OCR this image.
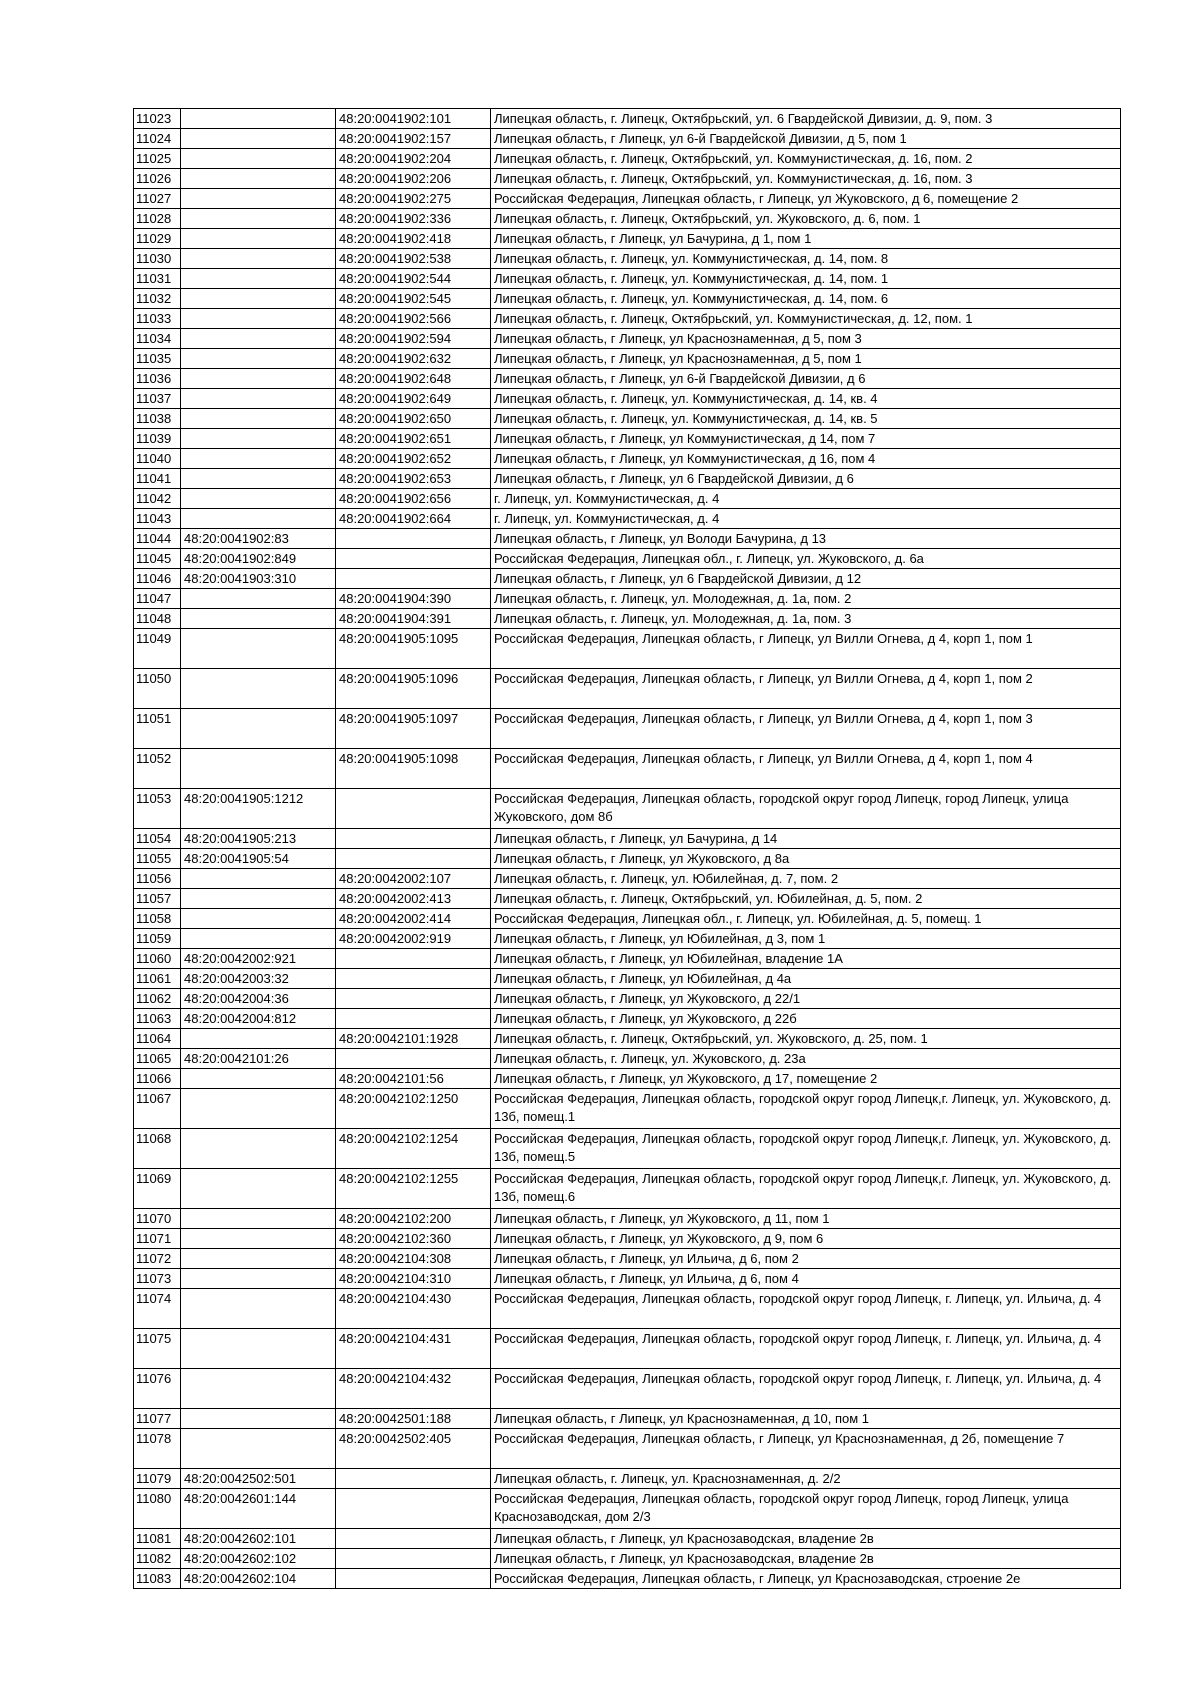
11023		48:20:0041902:101	Липецкая область, г. Липецк, Октябрьский, ул. 6 Гвардейской Дивизии, д. 9, пом. 3
11024		48:20:0041902:157	Липецкая область, г Липецк, ул 6-й Гвардейской Дивизии, д 5, пом 1
11025		48:20:0041902:204	Липецкая область, г. Липецк, Октябрьский, ул. Коммунистическая, д. 16, пом. 2
11026		48:20:0041902:206	Липецкая область, г. Липецк, Октябрьский, ул. Коммунистическая, д. 16, пом. 3
11027		48:20:0041902:275	Российская Федерация, Липецкая область, г Липецк, ул Жуковского, д 6, помещение 2
11028		48:20:0041902:336	Липецкая область, г. Липецк, Октябрьский, ул. Жуковского, д. 6, пом. 1
11029		48:20:0041902:418	Липецкая область, г Липецк, ул Бачурина, д 1, пом 1
11030		48:20:0041902:538	Липецкая область, г. Липецк, ул. Коммунистическая, д. 14, пом. 8
11031		48:20:0041902:544	Липецкая область, г. Липецк, ул. Коммунистическая, д. 14, пом. 1
11032		48:20:0041902:545	Липецкая область, г. Липецк, ул. Коммунистическая, д. 14, пом. 6
11033		48:20:0041902:566	Липецкая область, г. Липецк, Октябрьский, ул. Коммунистическая, д. 12, пом. 1
11034		48:20:0041902:594	Липецкая область, г Липецк, ул Краснознаменная, д 5, пом 3
11035		48:20:0041902:632	Липецкая область, г Липецк, ул Краснознаменная, д 5, пом 1
11036		48:20:0041902:648	Липецкая область, г Липецк, ул 6-й Гвардейской Дивизии, д 6
11037		48:20:0041902:649	Липецкая область, г. Липецк, ул. Коммунистическая, д. 14, кв. 4
11038		48:20:0041902:650	Липецкая область, г. Липецк, ул. Коммунистическая, д. 14, кв. 5
11039		48:20:0041902:651	Липецкая область, г Липецк, ул Коммунистическая, д 14, пом 7
11040		48:20:0041902:652	Липецкая область, г Липецк, ул Коммунистическая, д 16, пом 4
11041		48:20:0041902:653	Липецкая область, г Липецк, ул 6 Гвардейской Дивизии, д 6
11042		48:20:0041902:656	г. Липецк, ул. Коммунистическая, д. 4
11043		48:20:0041902:664	г. Липецк, ул. Коммунистическая, д. 4
11044	48:20:0041902:83		Липецкая область, г Липецк, ул Володи Бачурина, д 13
11045	48:20:0041902:849		Российская Федерация, Липецкая обл., г. Липецк, ул. Жуковского, д. 6а
11046	48:20:0041903:310		Липецкая область, г Липецк, ул 6 Гвардейской Дивизии, д 12
11047		48:20:0041904:390	Липецкая область, г. Липецк, ул. Молодежная, д. 1а, пом. 2
11048		48:20:0041904:391	Липецкая область, г. Липецк, ул. Молодежная, д. 1а, пом. 3
11049		48:20:0041905:1095	Российская Федерация, Липецкая область, г Липецк, ул Вилли Огнева, д 4, корп 1, пом 1
11050		48:20:0041905:1096	Российская Федерация, Липецкая область, г Липецк, ул Вилли Огнева, д 4, корп 1, пом 2
11051		48:20:0041905:1097	Российская Федерация, Липецкая область, г Липецк, ул Вилли Огнева, д 4, корп 1, пом 3
11052		48:20:0041905:1098	Российская Федерация, Липецкая область, г Липецк, ул Вилли Огнева, д 4, корп 1, пом 4
11053	48:20:0041905:1212		Российская Федерация, Липецкая область, городской округ город Липецк, город Липецк, улица Жуковского, дом 8б
11054	48:20:0041905:213		Липецкая область, г Липецк, ул Бачурина, д 14
11055	48:20:0041905:54		Липецкая область, г Липецк, ул Жуковского, д 8а
11056		48:20:0042002:107	Липецкая область, г. Липецк, ул. Юбилейная, д. 7, пом. 2
11057		48:20:0042002:413	Липецкая область, г. Липецк, Октябрьский, ул. Юбилейная, д. 5, пом. 2
11058		48:20:0042002:414	Российская Федерация, Липецкая обл., г. Липецк, ул. Юбилейная, д. 5, помещ. 1
11059		48:20:0042002:919	Липецкая область, г Липецк, ул Юбилейная, д 3, пом 1
11060	48:20:0042002:921		Липецкая область, г Липецк, ул Юбилейная, владение 1А
11061	48:20:0042003:32		Липецкая область, г Липецк, ул Юбилейная, д 4а
11062	48:20:0042004:36		Липецкая область, г Липецк, ул Жуковского, д 22/1
11063	48:20:0042004:812		Липецкая область, г Липецк, ул Жуковского, д 22б
11064		48:20:0042101:1928	Липецкая область, г. Липецк, Октябрьский, ул. Жуковского, д. 25, пом. 1
11065	48:20:0042101:26		Липецкая область, г. Липецк, ул. Жуковского, д. 23а
11066		48:20:0042101:56	Липецкая область, г Липецк, ул Жуковского, д 17, помещение 2
11067		48:20:0042102:1250	Российская Федерация, Липецкая область, городской округ город Липецк,г. Липецк, ул. Жуковского, д. 13б, помещ.1
11068		48:20:0042102:1254	Российская Федерация, Липецкая область, городской округ город Липецк,г. Липецк, ул. Жуковского, д. 13б, помещ.5
11069		48:20:0042102:1255	Российская Федерация, Липецкая область, городской округ город Липецк,г. Липецк, ул. Жуковского, д. 13б, помещ.6
11070		48:20:0042102:200	Липецкая область, г Липецк, ул Жуковского, д 11, пом 1
11071		48:20:0042102:360	Липецкая область, г Липецк, ул Жуковского, д 9, пом 6
11072		48:20:0042104:308	Липецкая область, г Липецк, ул Ильича, д 6, пом 2
11073		48:20:0042104:310	Липецкая область, г Липецк, ул Ильича, д 6, пом 4
11074		48:20:0042104:430	Российская Федерация, Липецкая область, городской округ город Липецк, г. Липецк, ул. Ильича, д. 4
11075		48:20:0042104:431	Российская Федерация, Липецкая область, городской округ город Липецк, г. Липецк, ул. Ильича, д. 4
11076		48:20:0042104:432	Российская Федерация, Липецкая область, городской округ город Липецк, г. Липецк, ул. Ильича, д. 4
11077		48:20:0042501:188	Липецкая область, г Липецк, ул Краснознаменная, д 10, пом 1
11078		48:20:0042502:405	Российская Федерация, Липецкая область, г Липецк, ул Краснознаменная, д 2б, помещение 7
11079	48:20:0042502:501		Липецкая область, г. Липецк, ул. Краснознаменная, д. 2/2
11080	48:20:0042601:144		Российская Федерация, Липецкая область, городской округ город Липецк, город Липецк, улица Краснозаводская, дом 2/3
11081	48:20:0042602:101		Липецкая область, г Липецк, ул Краснозаводская, владение 2в
11082	48:20:0042602:102		Липецкая область, г Липецк, ул Краснозаводская, владение 2в
11083	48:20:0042602:104		Российская Федерация, Липецкая область, г Липецк, ул Краснозаводская, строение 2е
